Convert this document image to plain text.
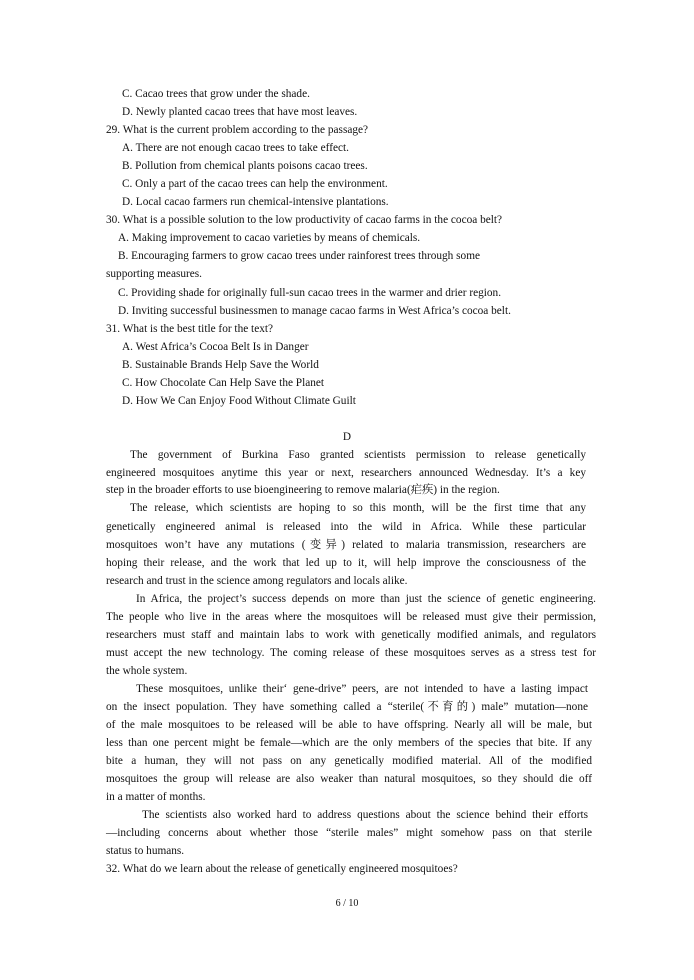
C. Cacao trees that grow under the shade.
D. Newly planted cacao trees that have most leaves.
29. What is the current problem according to the passage?
A. There are not enough cacao trees to take effect.
B. Pollution from chemical plants poisons cacao trees.
C. Only a part of the cacao trees can help the environment.
D. Local cacao farmers run chemical-intensive plantations.
30. What is a possible solution to the low productivity of cacao farms in the cocoa belt?
A. Making improvement to cacao varieties by means of chemicals.
B. Encouraging farmers to grow cacao trees under rainforest trees through some
supporting measures.
C. Providing shade for originally full-sun cacao trees in the warmer and drier region.
D. Inviting successful businessmen to manage cacao farms in West Africa’s cocoa belt.
31. What is the best title for the text?
A. West Africa’s Cocoa Belt Is in Danger
B. Sustainable Brands Help Save the World
C. How Chocolate Can Help Save the Planet
D. How We Can Enjoy Food Without Climate Guilt
D
The government of Burkina Faso granted scientists permission to release genetically
engineered mosquitoes anytime this year or next, researchers announced Wednesday. It’s a key
step in the broader efforts to use bioengineering to remove malaria(疟疾) in the region.
The release, which scientists are hoping to so this month, will be the first time that any
genetically engineered animal is released into the wild in Africa. While these particular
mosquitoes won’t have any mutations (变异) related to malaria transmission, researchers are
hoping their release, and the work that led up to it, will help improve the consciousness of the
research and trust in the science among regulators and locals alike.
In Africa, the project’s success depends on more than just the science of genetic engineering.
The people who live in the areas where the mosquitoes will be released must give their permission,
researchers must staff and maintain labs to work with genetically modified animals, and regulators
must accept the new technology. The coming release of these mosquitoes serves as a stress test for
the whole system.
These mosquitoes, unlike their‘ gene-drive” peers, are not intended to have a lasting impact
on the insect population. They have something called a “sterile(不育的) male” mutation—none
of the male mosquitoes to be released will be able to have offspring. Nearly all will be male, but
less than one percent might be female—which are the only members of the species that bite. If any
bite a human, they will not pass on any genetically modified material. All of the modified
mosquitoes the group will release are also weaker than natural mosquitoes, so they should die off
in a matter of months.
The scientists also worked hard to address questions about the science behind their efforts
—including concerns about whether those “sterile males” might somehow pass on that sterile
status to humans.
32. What do we learn about the release of genetically engineered mosquitoes?
6 / 10
